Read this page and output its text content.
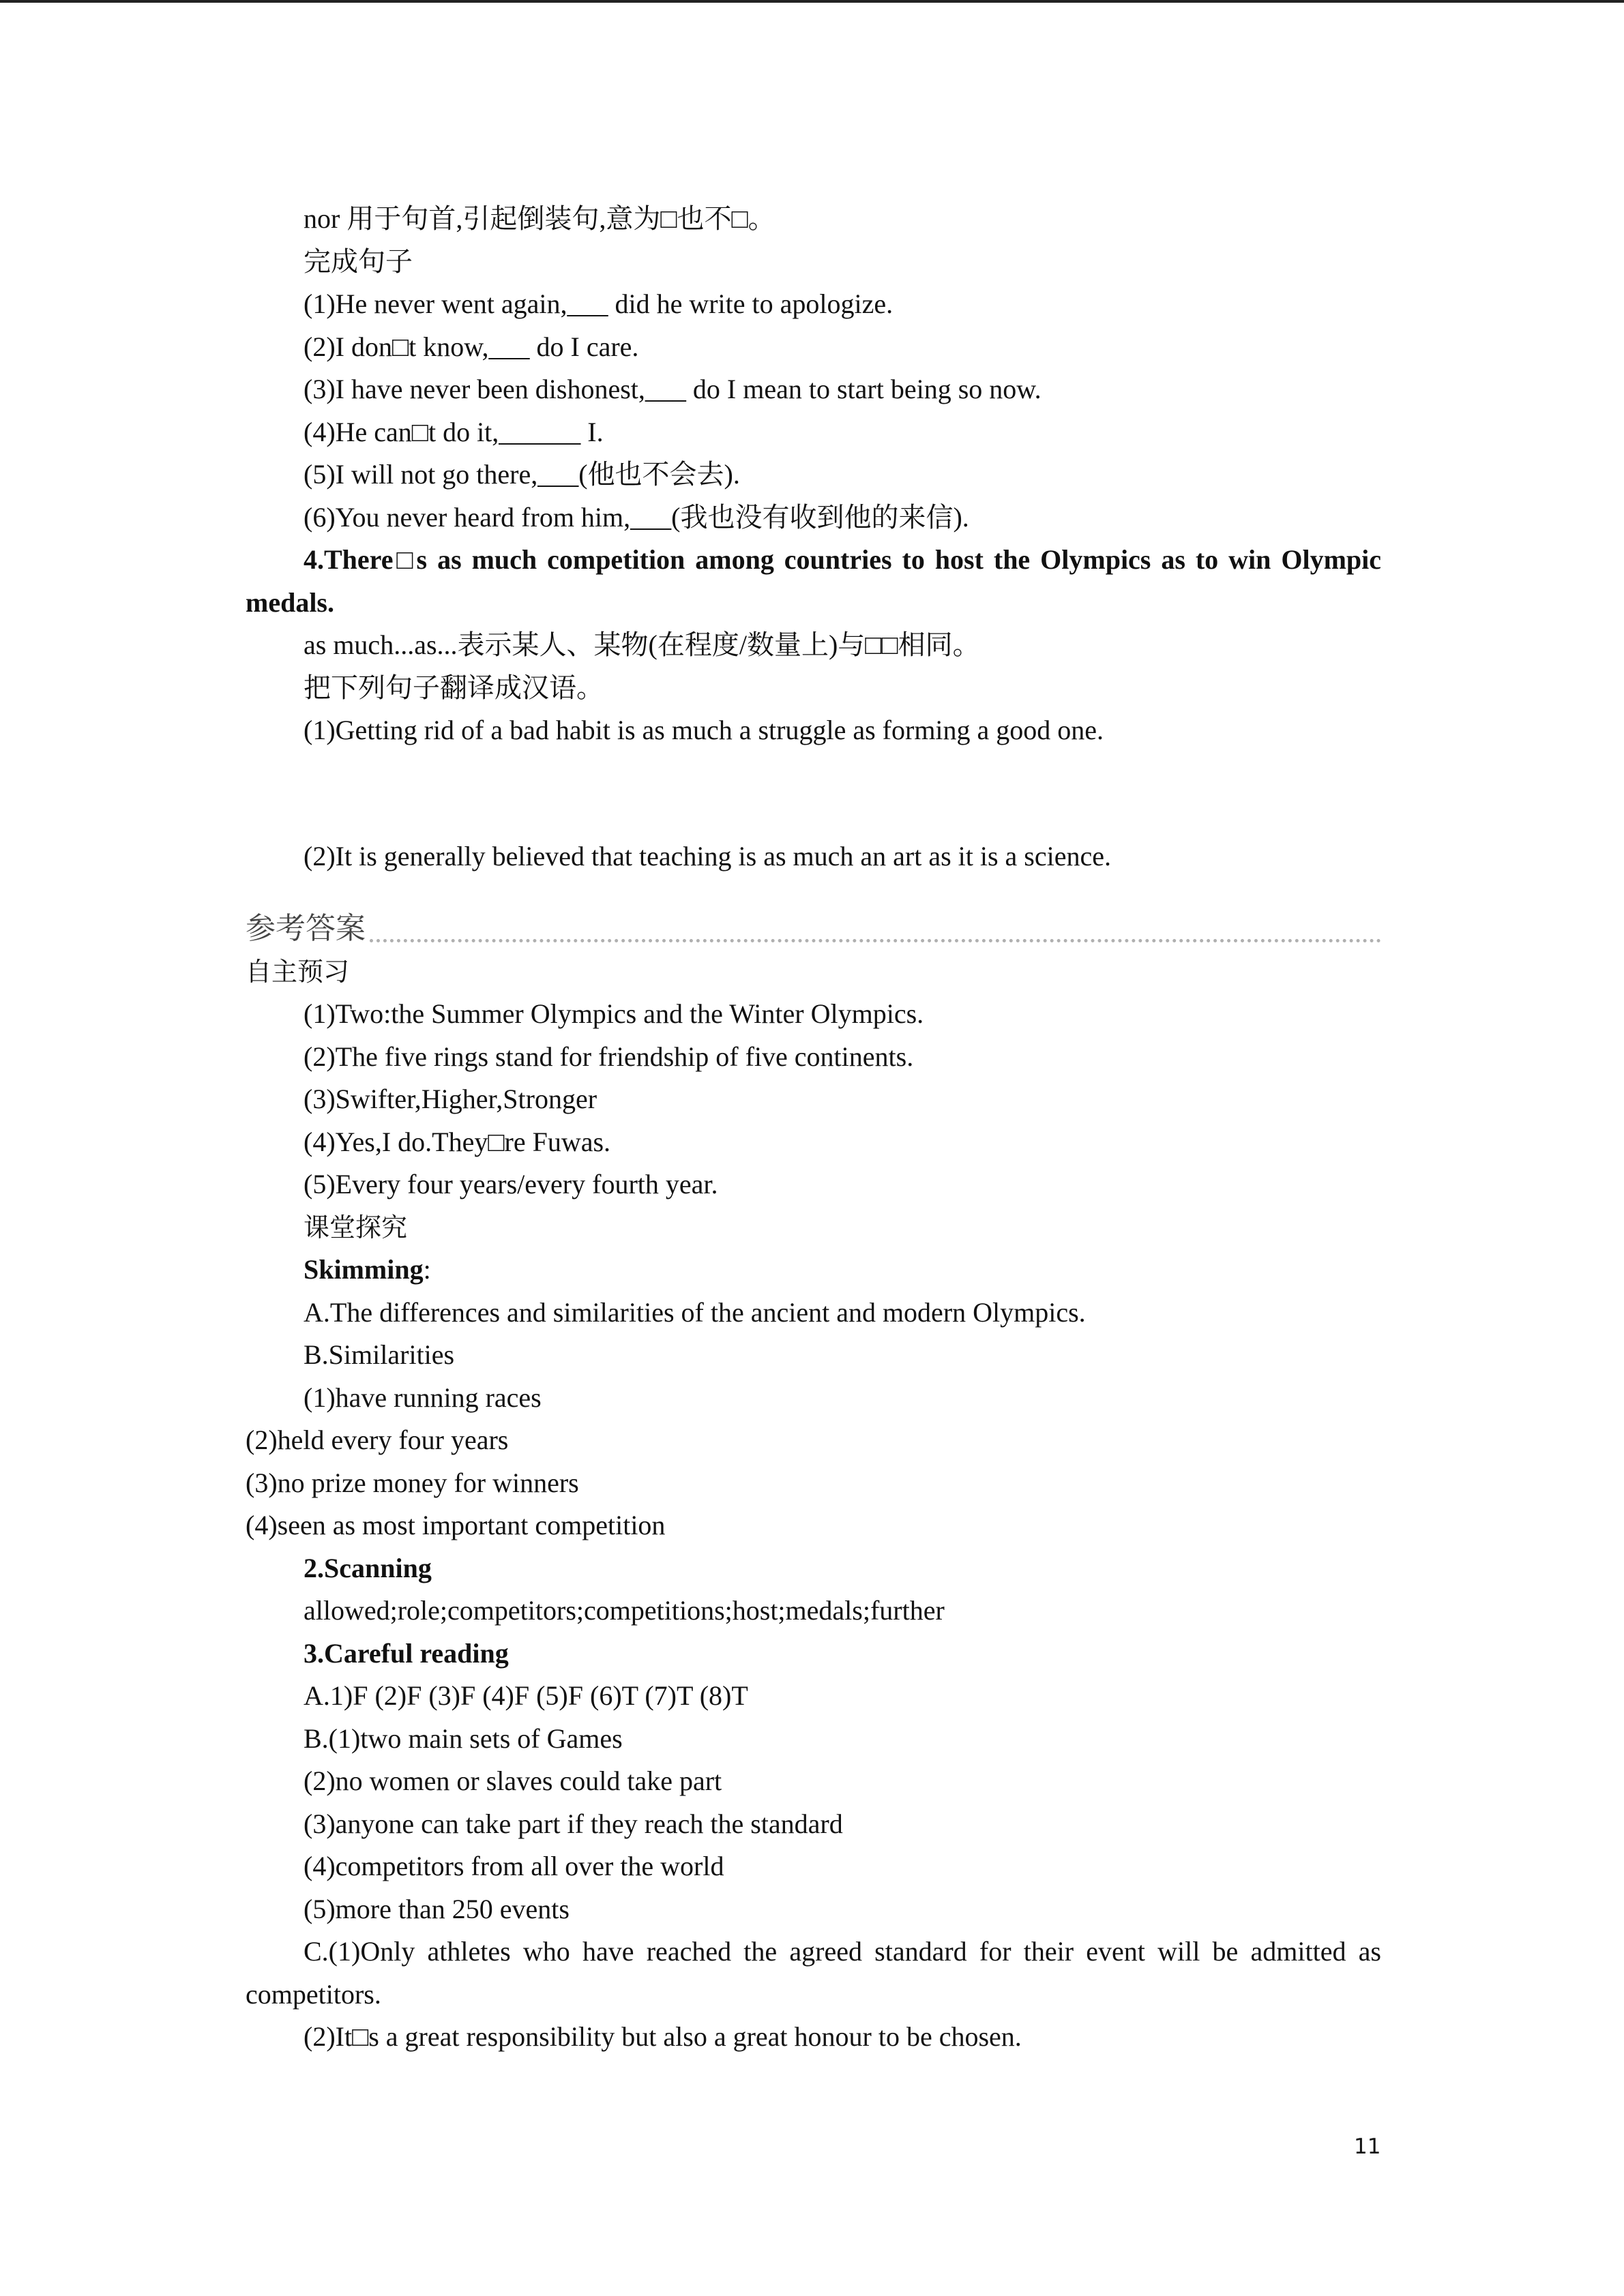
nor 用于句首,引起倒装句,意为□也不□。
完成句子
(1)He never went again,___ did he write to apologize.
(2)I don□t know,___ do I care.
(3)I have never been dishonest,___ do I mean to start being so now.
(4)He can□t do it,______ I.
(5)I will not go there,___(他也不会去).
(6)You never heard from him,___(我也没有收到他的来信).
4.There□s as much competition among countries to host the Olympics as to win Olympic medals.
as much...as...表示某人、某物(在程度/数量上)与□□相同。
把下列句子翻译成汉语。
(1)Getting rid of a bad habit is as much a struggle as forming a good one.
(2)It is generally believed that teaching is as much an art as it is a science.
参考答案
自主预习
(1)Two:the Summer Olympics and the Winter Olympics.
(2)The five rings stand for friendship of five continents.
(3)Swifter,Higher,Stronger
(4)Yes,I do.They□re Fuwas.
(5)Every four years/every fourth year.
课堂探究
Skimming:
A.The differences and similarities of the ancient and modern Olympics.
B.Similarities
(1)have running races
(2)held every four years
(3)no prize money for winners
(4)seen as most important competition
2.Scanning
allowed;role;competitors;competitions;host;medals;further
3.Careful reading
A.1)F (2)F (3)F (4)F (5)F (6)T (7)T (8)T
B.(1)two main sets of Games
(2)no women or slaves could take part
(3)anyone can take part if they reach the standard
(4)competitors from all over the world
(5)more than 250 events
C.(1)Only athletes who have reached the agreed standard for their event will be admitted as competitors.
(2)It□s a great responsibility but also a great honour to be chosen.
11
